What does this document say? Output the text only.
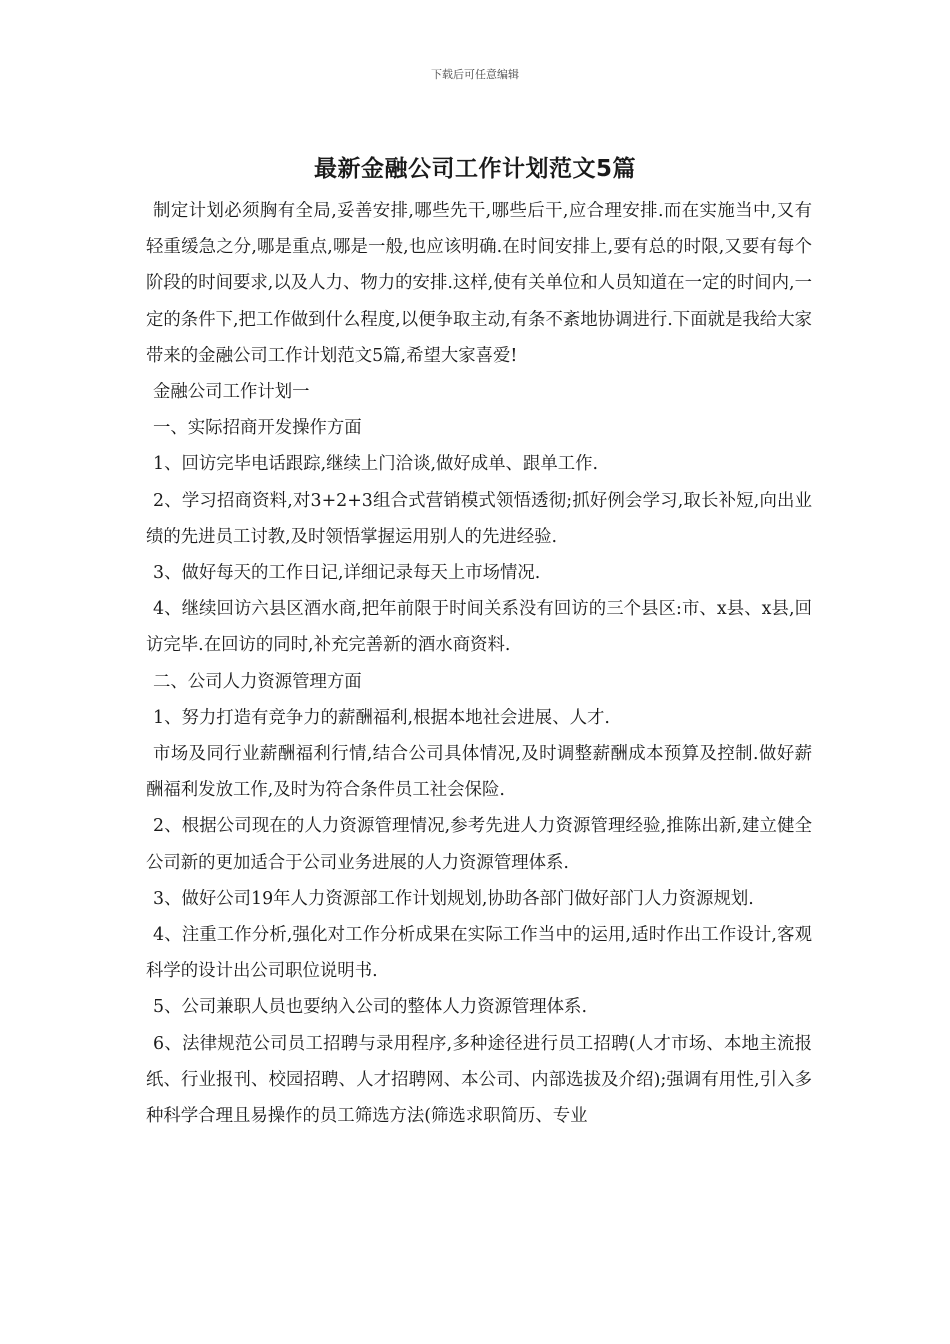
下载后可任意编辑
最新金融公司工作计划范文5篇

制定计划必须胸有全局,妥善安排,哪些先干,哪些后干,应合理安排.而在实施当中,又有轻重缓急之分,哪是重点,哪是一般,也应该明确.在时间安排上,要有总的时限,又要有每个阶段的时间要求,以及人力、物力的安排.这样,使有关单位和人员知道在一定的时间内,一定的条件下,把工作做到什么程度,以便争取主动,有条不紊地协调进行.下面就是我给大家带来的金融公司工作计划范文5篇,希望大家喜爱!

金融公司工作计划一

一、实际招商开发操作方面

1、回访完毕电话跟踪,继续上门洽谈,做好成单、跟单工作.

2、学习招商资料,对3+2+3组合式营销模式领悟透彻;抓好例会学习,取长补短,向出业绩的先进员工讨教,及时领悟掌握运用别人的先进经验.

3、做好每天的工作日记,详细记录每天上市场情况.

4、继续回访六县区酒水商,把年前限于时间关系没有回访的三个县区:市、x县、x县,回访完毕.在回访的同时,补充完善新的酒水商资料.

二、公司人力资源管理方面

1、努力打造有竞争力的薪酬福利,根据本地社会进展、人才.

市场及同行业薪酬福利行情,结合公司具体情况,及时调整薪酬成本预算及控制.做好薪酬福利发放工作,及时为符合条件员工社会保险.

2、根据公司现在的人力资源管理情况,参考先进人力资源管理经验,推陈出新,建立健全公司新的更加适合于公司业务进展的人力资源管理体系.

3、做好公司19年人力资源部工作计划规划,协助各部门做好部门人力资源规划.

4、注重工作分析,强化对工作分析成果在实际工作当中的运用,适时作出工作设计,客观科学的设计出公司职位说明书.

5、公司兼职人员也要纳入公司的整体人力资源管理体系.

6、法律规范公司员工招聘与录用程序,多种途径进行员工招聘(人才市场、本地主流报纸、行业报刊、校园招聘、人才招聘网、本公司、内部选拔及介绍);强调有用性,引入多种科学合理且易操作的员工筛选方法(筛选求职简历、专业
